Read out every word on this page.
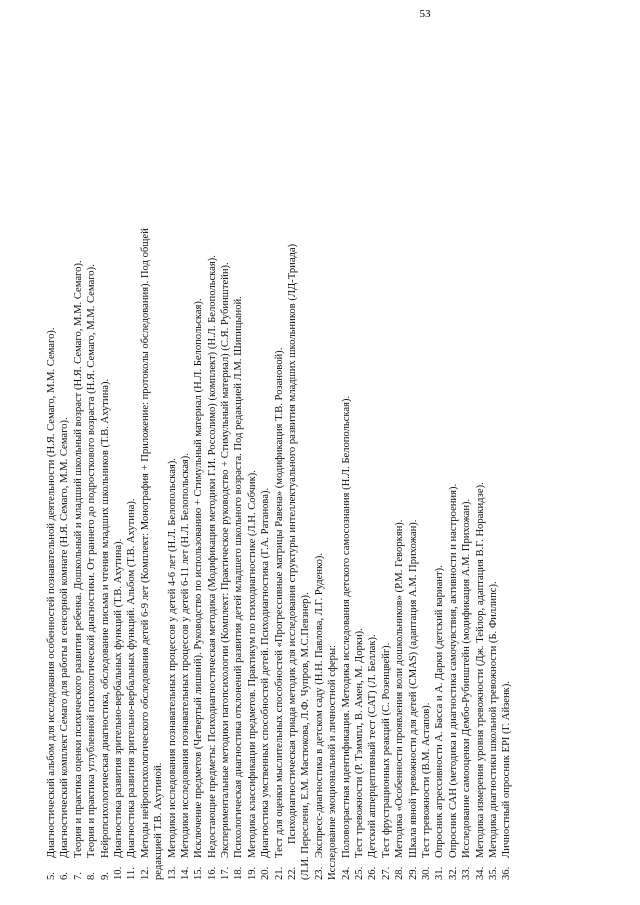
53
5.Диагностический альбом для исследования особенностей познавательной деятельности (Н.Я. Семаго, М.М. Семаго).
6.Диагностический комплект Семаго для работы в сенсорной комнате (Н.Я. Семаго, М.М. Семаго).
7.Теория и практика оценки психического развития ребенка. Дошкольный и младший школьный возраст (Н.Я. Семаго, М.М. Семаго).
8.Теория и практика углубленной психологической диагностики. От раннего до подросткового возраста (Н.Я. Семаго, М.М. Семаго).
9.Нейропсихологическая диагностика, обследование письма и чтения младших школьников (Т.В. Ахутина).
10.Диагностика развития зрительно-вербальных функций (Т.В. Ахутина).
11.Диагностика развития зрительно-вербальных функций. Альбом (Т.В. Ахутина).
12.Методы нейропсихологического обследования детей 6-9 лет (Комплект: Монография + Приложение: протоколы обследования). Под общей редакцией Т.В. Ахутиной. 13.Методики исследования познавательных процессов у детей 4-6 лет (Н.Л. Белопольская).
14.Методики исследования познавательных процессов у детей 6-11 лет (Н.Л. Белопольская).
15.Исключение предметов (Четвертый лишний). Руководство по использованию + Стимульный материал (Н.Л. Белопольская).
16.Недостающие предметы: Психодиагностическая методика (Модификация методики Г.И. Россолимо) (комплект) (Н.Л. Белопольская).
17.Экспериментальные методики патопсихологии (Комплект: Практическое руководство + Стимульный материал) (С.Я. Рубинштейн).
18.Психологическая диагностика отклонений развития детей младшего школьного возраста. Под редакцией Л.М. Шипицыной.
19.Методика классификации предметов. Практикум по психодиагностике (Л.Н. Собчик).
20.Диагностика умственных способностей детей. Психодиагностика (Г.А. Ратанова).
21.Тест для оценки мыслительных способностей «Прогрессивные матрицы Равена» (модификация Т.В. Розановой).
22.Психодиагностическая триада методик для исследования структуры интеллектуального развития младших школьников (ЛД-Триада) (Л.И. Переслени, Е.М. Мастюкова, Л.Ф. Чупров, М.С.Певзнер). 23.Экспресс-диагностика в детском саду (Н.Н. Павлова, Л.Г. Руденко). Исследование эмоциональной и личностной сферы: 24.Половозрастная идентификация. Методика исследования детского самосознания (Н.Л. Белопольская).
25.Тест тревожности (Р. Тэммпл, В. Амен, М. Дорки).
26.Детский апперцептивный тест (CAT) (Л. Беллак).
27.Тест фрустрационных реакций (С. Розенцвейг).
28.Методика «Особенности проявления воли дошкольников» (Р.М. Геворкян).
29.Шкала явной тревожности для детей (CMAS) (адаптация А.М. Прихожан).
30.Тест тревожности (В.М. Астапов).
31.Опросник агрессивности А. Басса и А. Дарки (детский вариант).
32.Опросник САН (методика и диагностика самочувствия, активности и настроения).
33.Исследование самооценки Дембо-Рубинштейн (модификация А.М. Прихожан).
34.Методика измерения уровня тревожности (Дж. Тейлор, адаптация В.Г. Норакидзе).
35.Методика диагностики школьной тревожности (Б. Филлипс).
36.Личностный опросник EPI (Г. Айзенк).
